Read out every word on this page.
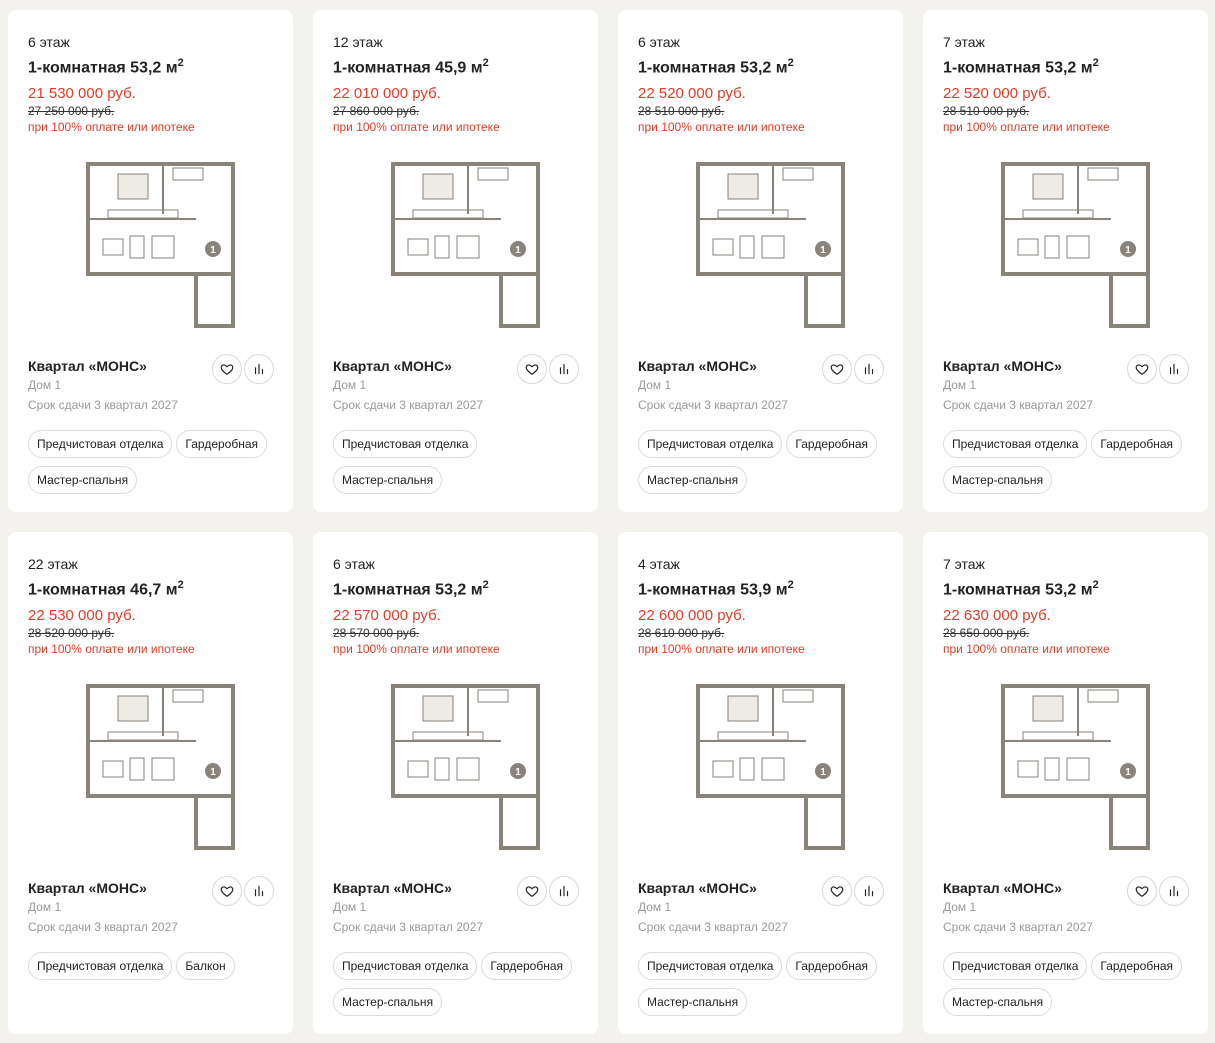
6 этаж
1-комнатная 53,2 $м^2$
21 530 000 руб.
27 250 000 руб.
при 100% оплате или ипотеке
1
Квартал «МОНС»
Дом 1
Срок сдачи 3 квартал 2027
Предчистовая отделка	Гардеробная
Мастер-спальня
12 этаж
1-комнатная 45,9 $м^2$
22 010 000 руб.
27 860 000 руб.
при 100% оплате или ипотеке
1
Квартал «МОНС»
Дом 1
Срок сдачи 3 квартал 2027
Предчистовая отделка
Мастер-спальня
6 этаж
1-комнатная 53,2 $м^2$
22 520 000 руб.
28 510 000 руб.
при 100% оплате или ипотеке
1
Квартал «МОНС»
Дом 1
Срок сдачи 3 квартал 2027
Предчистовая отделка	Гардеробная
Мастер-спальня
7 этаж
1-комнатная 53,2 $м^2$
22 520 000 руб.
28 510 000 руб.
при 100% оплате или ипотеке
1
Квартал «МОНС»
Дом 1
Срок сдачи 3 квартал 2027
Предчистовая отделка	Гардеробная
Мастер-спальня
22 этаж
1-комнатная 46,7 $м^2$
22 530 000 руб.
28 520 000 руб.
при 100% оплате или ипотеке
1
Квартал «МОНС»
Дом 1
Срок сдачи 3 квартал 2027
Предчистовая отделка	Балкон
6 этаж
1-комнатная 53,2 $м^2$
22 570 000 руб.
28 570 000 руб.
при 100% оплате или ипотеке
1
Квартал «МОНС»
Дом 1
Срок сдачи 3 квартал 2027
Предчистовая отделка	Гардеробная
Мастер-спальня
4 этаж
1-комнатная 53,9 $м^2$
22 600 000 руб.
28 610 000 руб.
при 100% оплате или ипотеке
1
Квартал «МОНС»
Дом 1
Срок сдачи 3 квартал 2027
Предчистовая отделка	Гардеробная
Мастер-спальня
7 этаж
1-комнатная 53,2 $м^2$
22 630 000 руб.
28 650 000 руб.
при 100% оплате или ипотеке
1
Квартал «МОНС»
Дом 1
Срок сдачи 3 квартал 2027
Предчистовая отделка	Гардеробная
Мастер-спальня
